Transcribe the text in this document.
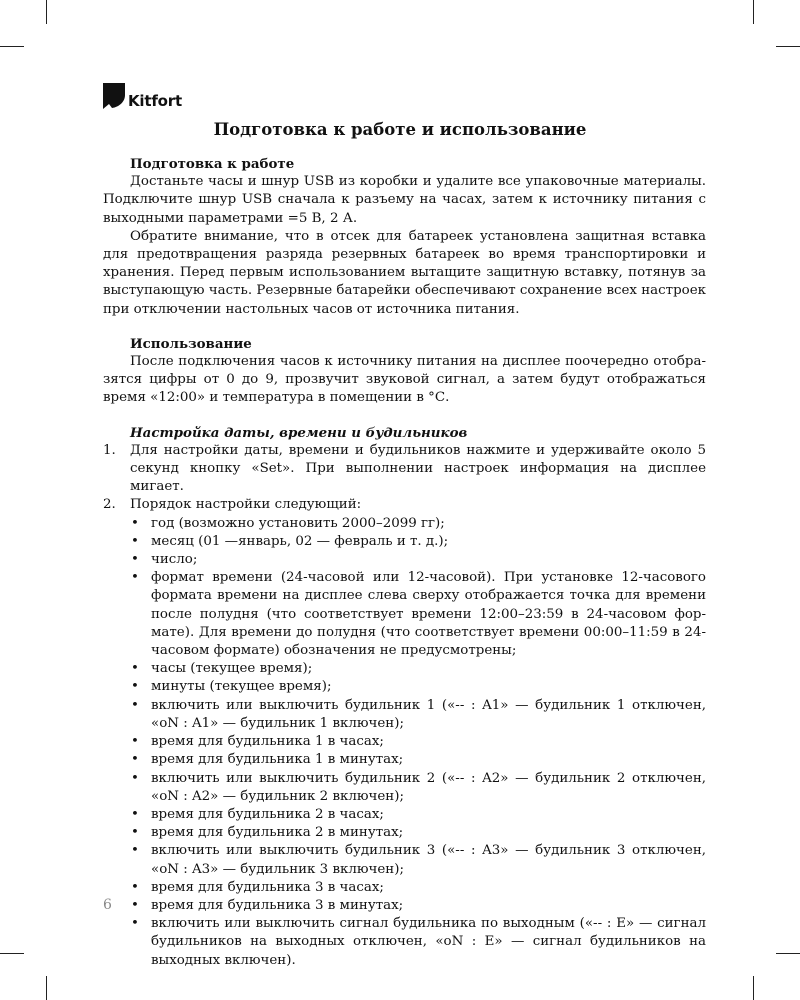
Kitfort
Подготовка к работе и использование
Подготовка к работе

Достаньте часы и шнур USB из коробки и удалите все упаковочные материалы. Подключите шнур USB сначала к разъему на часах, затем к источнику питания с выходными параметрами =5 В, 2 А.

Обратите внимание, что в отсек для батареек установлена защитная вставка для предотвращения разряда резервных батареек во время транспортировки и хранения. Перед первым использованием вытащите защитную вставку, потянув за выступающую часть. Резервные батарейки обеспечивают сохранение всех настроек при отключении настольных часов от источника питания.

Использование

После подключения часов к источнику питания на дисплее поочередно отобразятся цифры от 0 до 9, прозвучит звуковой сигнал, а затем будут отображаться время «12:00» и температура в помещении в °С.

Настройка даты, времени и будильников
1. Для настройки даты, времени и будильников нажмите и удерживайте около 5 секунд кнопку «Set». При выполнении настроек информация на дисплее мигает.
2. Порядок настройки следующий:
• год (возможно установить 2000–2099 гг);
• месяц (01 —январь, 02 — февраль и т. д.);
• число;
• формат времени (24-часовой или 12-часовой). При установке 12-часового формата времени на дисплее слева сверху отображается точка для времени после полудня (что соответствует времени 12:00–23:59 в 24-часовом формате). Для времени до полудня (что соответствует времени 00:00–11:59 в 24-часовом формате) обозначения не предусмотрены;
• часы (текущее время);
• минуты (текущее время);
• включить или выключить будильник 1 («-- : A1» — будильник 1 отключен, «oN : A1» — будильник 1 включен);
• время для будильника 1 в часах;
• время для будильника 1 в минутах;
• включить или выключить будильник 2 («-- : A2» — будильник 2 отключен, «oN : A2» — будильник 2 включен);
• время для будильника 2 в часах;
• время для будильника 2 в минутах;
• включить или выключить будильник 3 («-- : A3» — будильник 3 отключен, «oN : A3» — будильник 3 включен);
• время для будильника 3 в часах;
• время для будильника 3 в минутах;
• включить или выключить сигнал будильника по выходным («-- : E» — сигнал будильников на выходных отключен, «oN : E» — сигнал будильников на выходных включен).
6
